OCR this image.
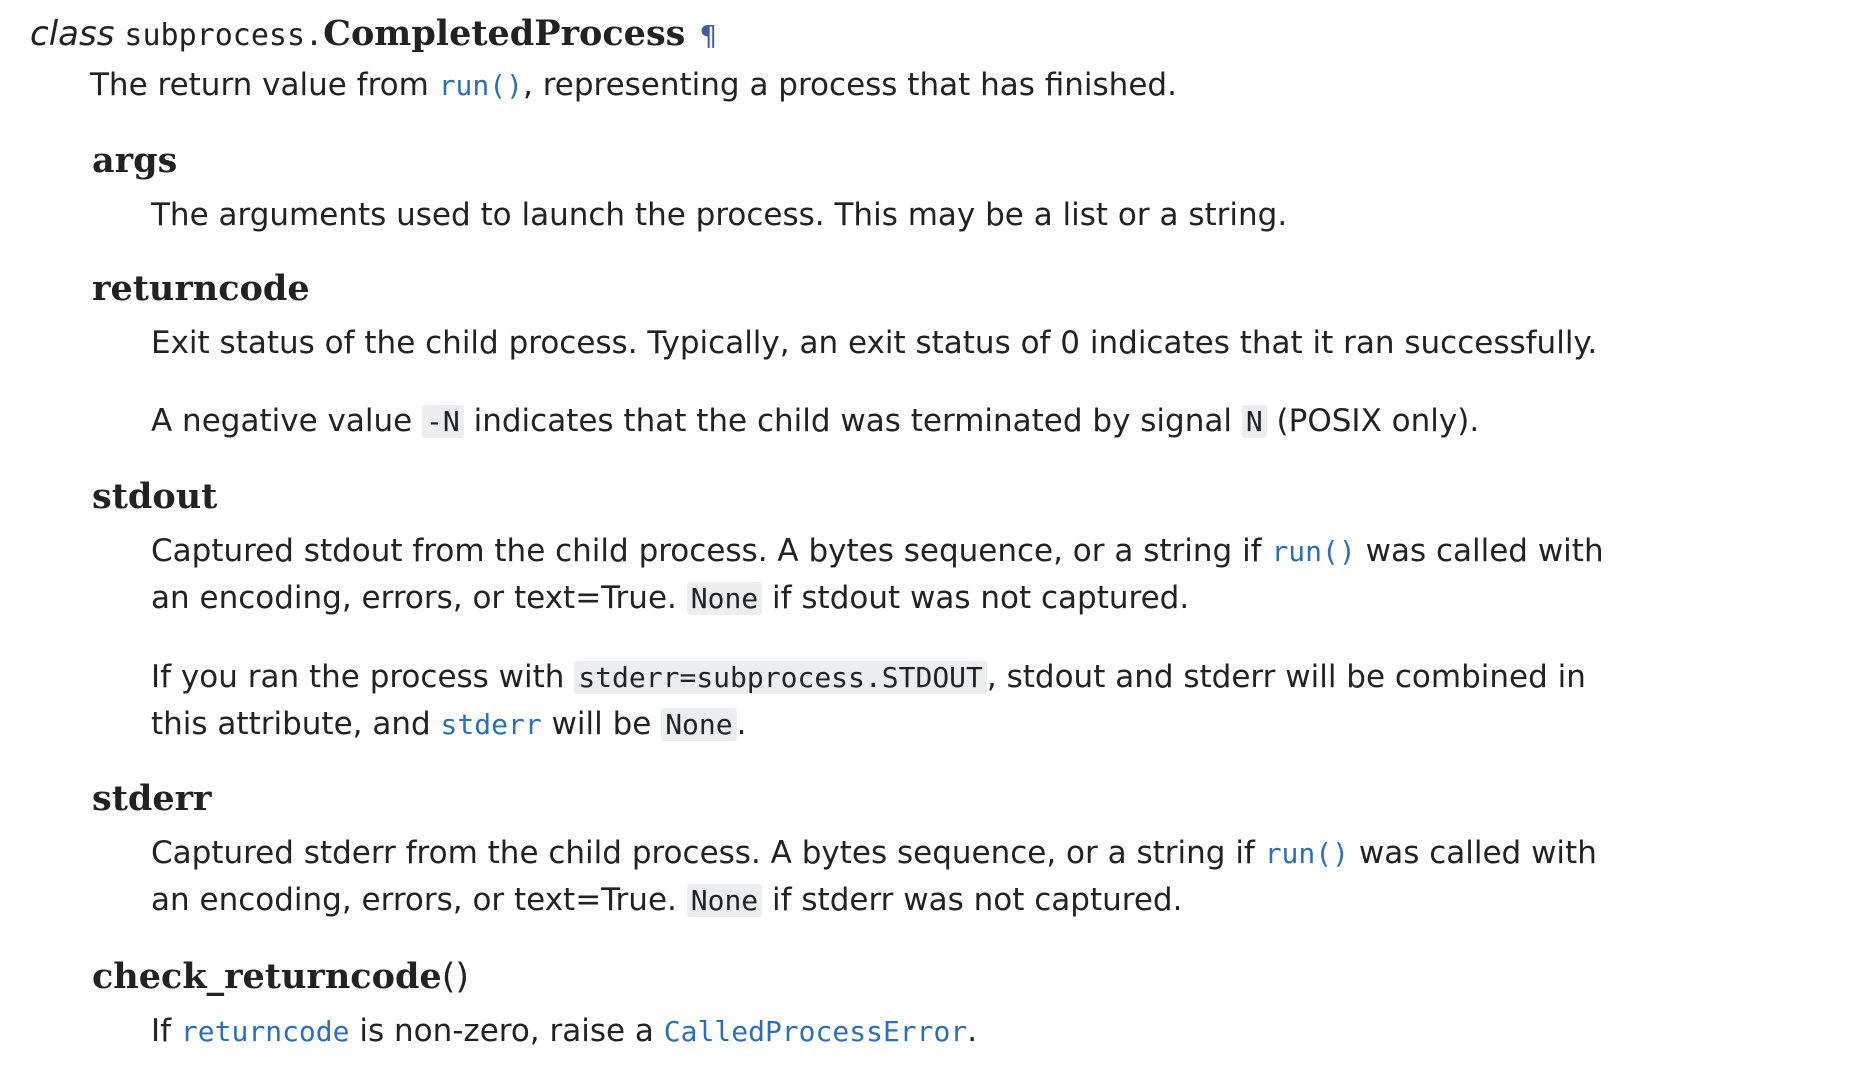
class subprocess.CompletedProcess ¶
The return value from run(), representing a process that has finished.
args
The arguments used to launch the process. This may be a list or a string.
returncode
Exit status of the child process. Typically, an exit status of 0 indicates that it ran successfully.
A negative value -N indicates that the child was terminated by signal N (POSIX only).
stdout
Captured stdout from the child process. A bytes sequence, or a string if run() was called with
an encoding, errors, or text=True. None if stdout was not captured.
If you ran the process with stderr=subprocess.STDOUT , stdout and stderr will be combined in
this attribute, and stderr will be None .
stderr
Captured stderr from the child process. A bytes sequence, or a string if run() was called with
an encoding, errors, or text=True. None if stderr was not captured.
check_returncode()
If returncode is non-zero, raise a CalledProcessError.
